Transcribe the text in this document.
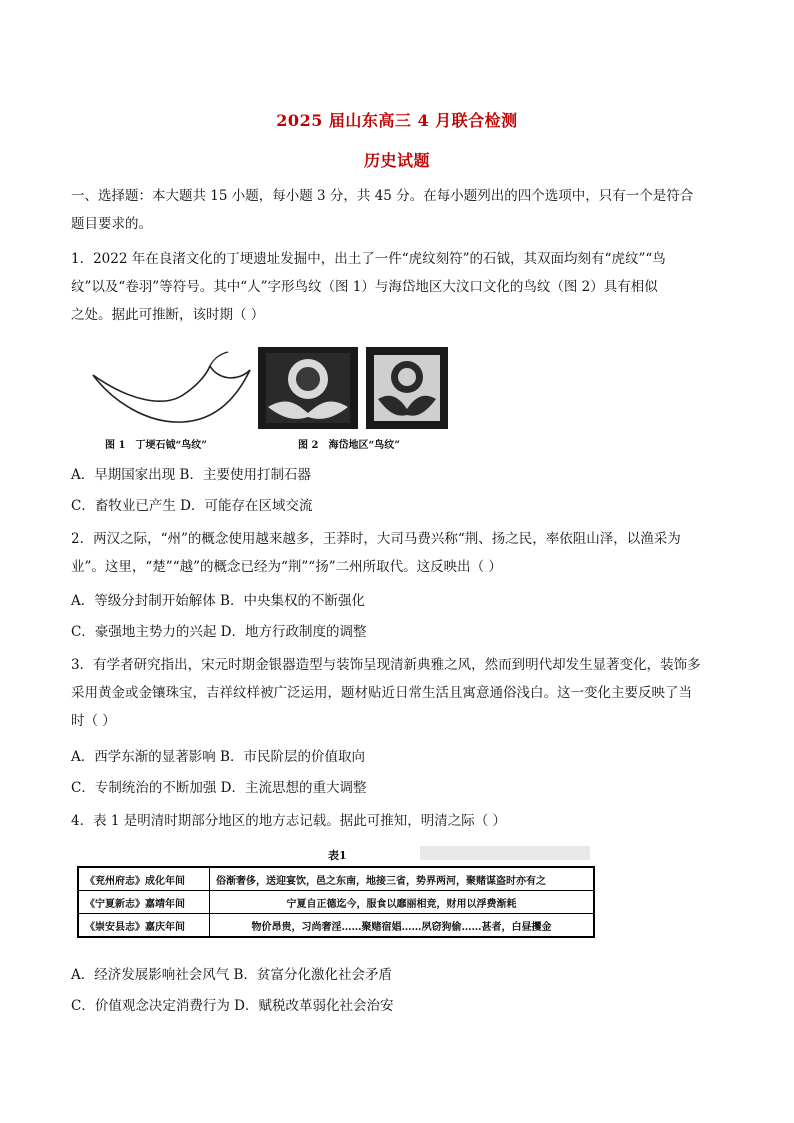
2025 届山东高三 4 月联合检测
历史试题
一、选择题：本大题共 15 小题，每小题 3 分，共 45 分。在每小题列出的四个选项中，只有一个是符合
题目要求的。
1．2022 年在良渚文化的丁埂遗址发掘中，出土了一件“虎纹刻符”的石钺，其双面均刻有“虎纹”“鸟
纹”以及“卷羽”等符号。其中“人”字形鸟纹（图 1）与海岱地区大汶口文化的鸟纹（图 2）具有相似
之处。据此可推断，该时期（ ）
图 1　丁埂石钺“鸟纹”	图 2　海岱地区“鸟纹”
A．早期国家出现 B．主要使用打制石器
C．畜牧业已产生 D．可能存在区域交流
2．两汉之际，“州”的概念使用越来越多，王莽时，大司马费兴称“荆、扬之民，率依阻山泽，以渔采为
业”。这里，“楚”“越”的概念已经为“荆”“扬”二州所取代。这反映出（ ）
A．等级分封制开始解体 B．中央集权的不断强化
C．豪强地主势力的兴起 D．地方行政制度的调整
3．有学者研究指出，宋元时期金银器造型与装饰呈现清新典雅之风，然而到明代却发生显著变化，装饰多
采用黄金或金镶珠宝，吉祥纹样被广泛运用，题材贴近日常生活且寓意通俗浅白。这一变化主要反映了当
时（ ）
A．西学东渐的显著影响 B．市民阶层的价值取向
C．专制统治的不断加强 D．主流思想的重大调整
4．表 1 是明清时期部分地区的地方志记载。据此可推知，明清之际（ ）
表1
《兖州府志》成化年间	俗渐奢侈，送迎宴饮，邑之东南，地接三省，势界两河，聚赌谋盗时亦有之
《宁夏新志》嘉靖年间	宁夏自正德迄今，服食以靡丽相竞，财用以浮费渐耗
《崇安县志》嘉庆年间	物价昂贵，习尚奢淫……聚赌宿娼……夙窃狗偷……甚者，白昼攫金
A．经济发展影响社会风气 B．贫富分化激化社会矛盾
C．价值观念决定消费行为 D．赋税改革弱化社会治安
